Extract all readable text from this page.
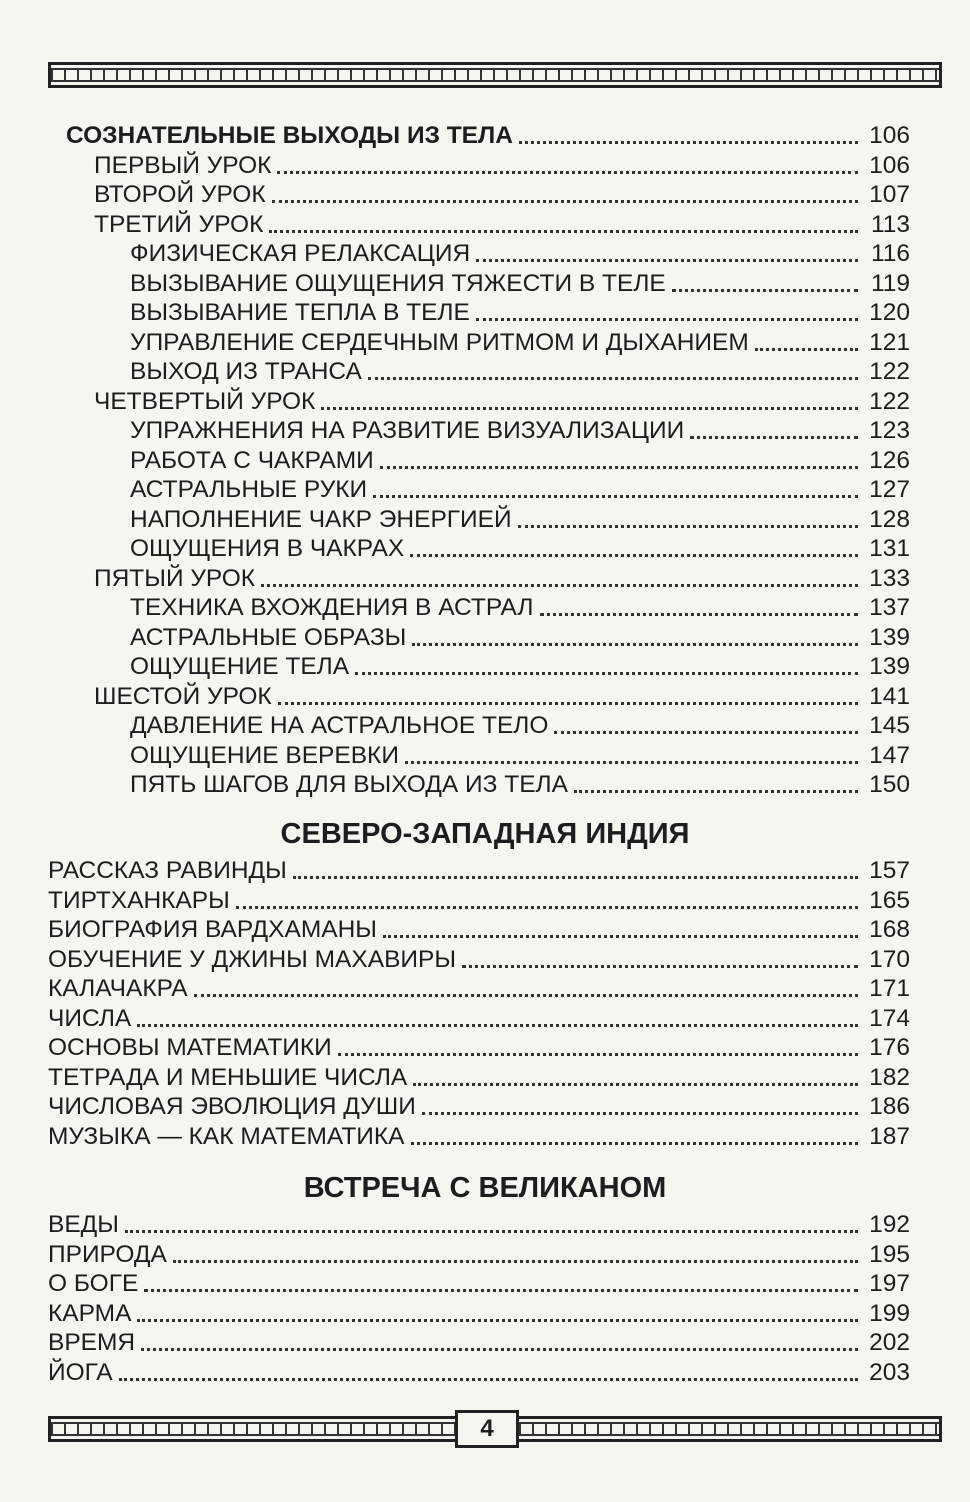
СОЗНАТЕЛЬНЫЕ ВЫХОДЫ ИЗ ТЕЛА	106
ПЕРВЫЙ УРОК	106
ВТОРОЙ УРОК	107
ТРЕТИЙ УРОК	113
ФИЗИЧЕСКАЯ РЕЛАКСАЦИЯ	116
ВЫЗЫВАНИЕ ОЩУЩЕНИЯ ТЯЖЕСТИ В ТЕЛЕ	119
ВЫЗЫВАНИЕ ТЕПЛА В ТЕЛЕ	120
УПРАВЛЕНИЕ СЕРДЕЧНЫМ РИТМОМ И ДЫХАНИЕМ	121
ВЫХОД ИЗ ТРАНСА	122
ЧЕТВЕРТЫЙ УРОК	122
УПРАЖНЕНИЯ НА РАЗВИТИЕ ВИЗУАЛИЗАЦИИ	123
РАБОТА С ЧАКРАМИ	126
АСТРАЛЬНЫЕ РУКИ	127
НАПОЛНЕНИЕ ЧАКР ЭНЕРГИЕЙ	128
ОЩУЩЕНИЯ В ЧАКРАХ	131
ПЯТЫЙ УРОК	133
ТЕХНИКА ВХОЖДЕНИЯ В АСТРАЛ	137
АСТРАЛЬНЫЕ ОБРАЗЫ	139
ОЩУЩЕНИЕ ТЕЛА	139
ШЕСТОЙ УРОК	141
ДАВЛЕНИЕ НА АСТРАЛЬНОЕ ТЕЛО	145
ОЩУЩЕНИЕ ВЕРЕВКИ	147
ПЯТЬ ШАГОВ ДЛЯ ВЫХОДА ИЗ ТЕЛА	150
СЕВЕРО-ЗАПАДНАЯ ИНДИЯ
РАССКАЗ РАВИНДЫ	157
ТИРТХАНКАРЫ	165
БИОГРАФИЯ ВАРДХАМАНЫ	168
ОБУЧЕНИЕ У ДЖИНЫ МАХАВИРЫ	170
КАЛАЧАКРА	171
ЧИСЛА	174
ОСНОВЫ МАТЕМАТИКИ	176
ТЕТРАДА И МЕНЬШИЕ ЧИСЛА	182
ЧИСЛОВАЯ ЭВОЛЮЦИЯ ДУШИ	186
МУЗЫКА — КАК МАТЕМАТИКА	187
ВСТРЕЧА С ВЕЛИКАНОМ
ВЕДЫ	192
ПРИРОДА	195
О БОГЕ	197
КАРМА	199
ВРЕМЯ	202
ЙОГА	203
4
